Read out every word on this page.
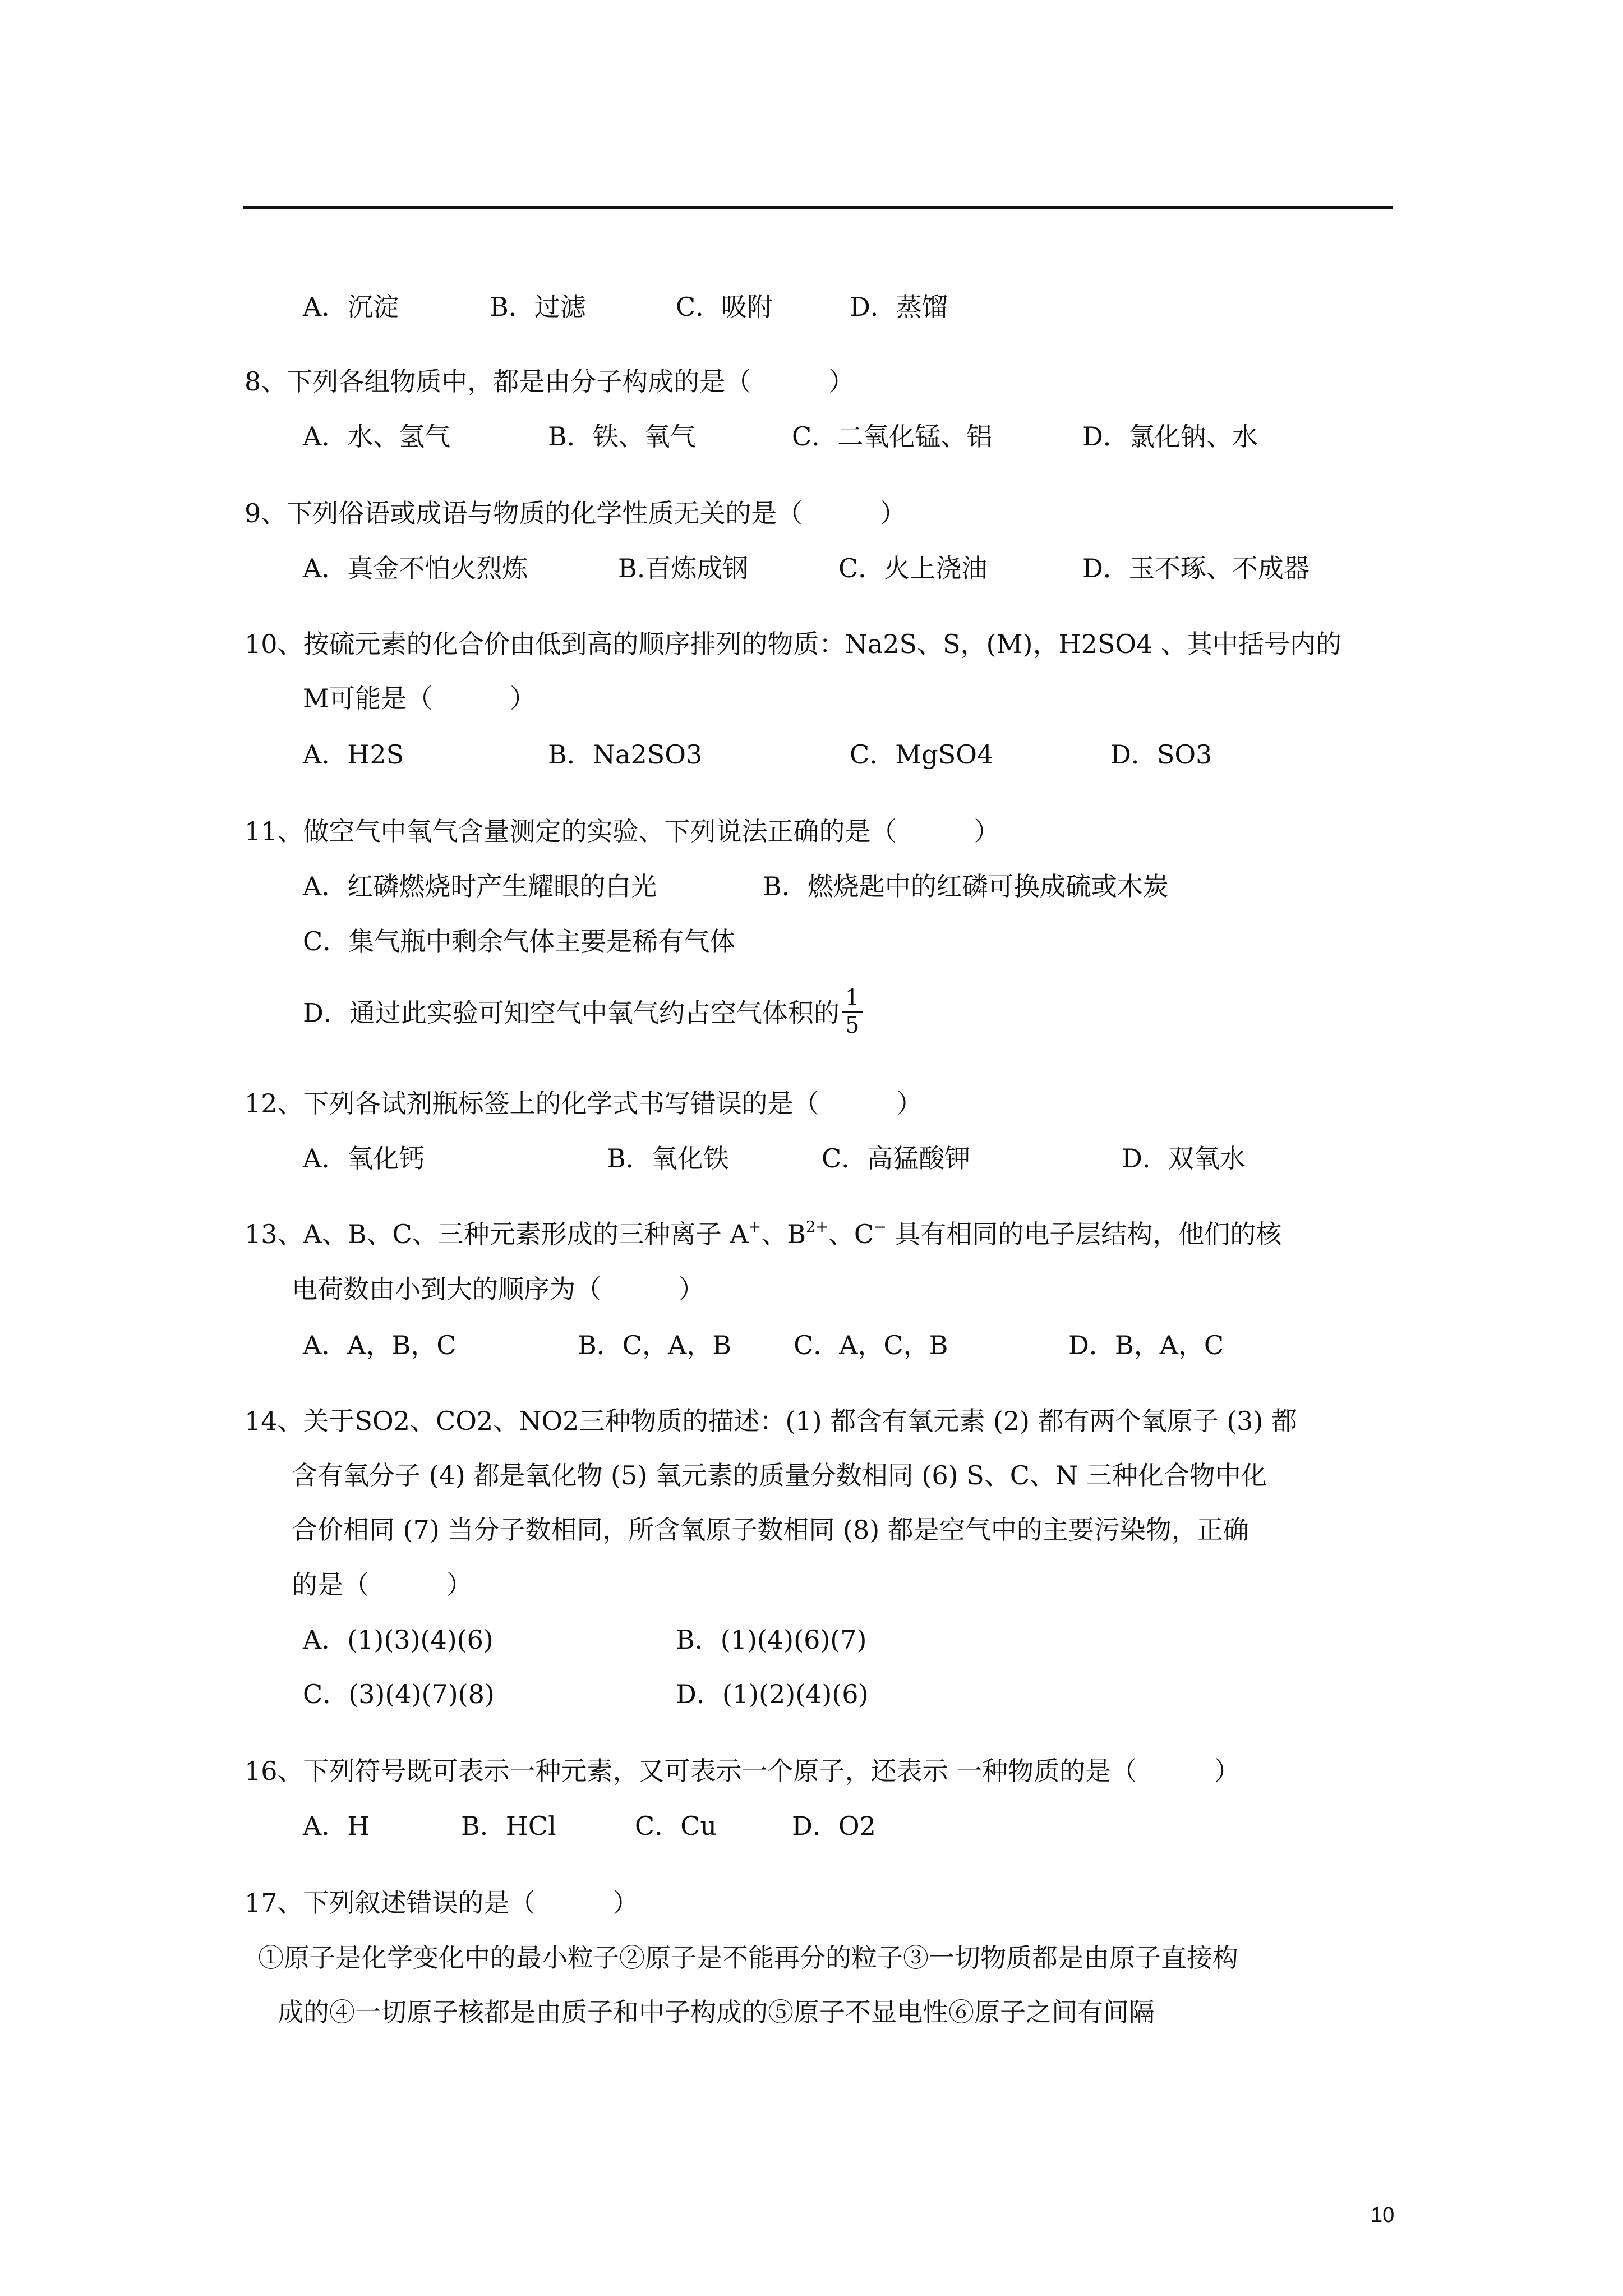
A．沉淀	B．过滤	C．吸附	D．蒸馏
8、下列各组物质中，都是由分子构成的是（　　　）
A．水、氢气	B．铁、氧气	C．二氧化锰、铝	D．氯化钠、水
9、下列俗语或成语与物质的化学性质无关的是（　　　）
A．真金不怕火烈炼	B.百炼成钢	C．火上浇油	D．玉不琢、不成器
10、按硫元素的化合价由低到高的顺序排列的物质：Na2S、S，(M)，H2SO4 、其中括号内的
M可能是（　　　）
A．H2S	B．Na2SO3	C．MgSO4	D．SO3
11、做空气中氧气含量测定的实验、下列说法正确的是（　　　）
A．红磷燃烧时产生耀眼的白光	B．燃烧匙中的红磷可换成硫或木炭
C．集气瓶中剩余气体主要是稀有气体
D．通过此实验可知空气中氧气约占空气体积的 $\frac{1}{5}$
12、下列各试剂瓶标签上的化学式书写错误的是（　　　）
A．氧化钙	B．氧化铁	C．高猛酸钾	D．双氧水
13、A、B、C、三种元素形成的三种离子 A+、$B^{2+}$、C− 具有相同的电子层结构，他们的核
电荷数由小到大的顺序为（　　　）
A．A，B，C	B．C，A，B C．A，C，B	D．B，A，C
14、关于SO2、CO2、NO2三种物质的描述：(1) 都含有氧元素 (2) 都有两个氧原子 (3) 都
含有氧分子 (4) 都是氧化物 (5) 氧元素的质量分数相同 (6) S、C、N 三种化合物中化
合价相同 (7) 当分子数相同，所含氧原子数相同 (8) 都是空气中的主要污染物，正确
的是（　　　）
A．(1)(3)(4)(6)	B．(1)(4)(6)(7)
C．(3)(4)(7)(8)	D．(1)(2)(4)(6)
16、下列符号既可表示一种元素，又可表示一个原子，还表示 一种物质的是（　　　）
A．H	B．HCl	C．Cu	D．O2
17、下列叙述错误的是（　　　）
①原子是化学变化中的最小粒子②原子是不能再分的粒子③一切物质都是由原子直接构
成的④一切原子核都是由质子和中子构成的⑤原子不显电性⑥原子之间有间隔
10
